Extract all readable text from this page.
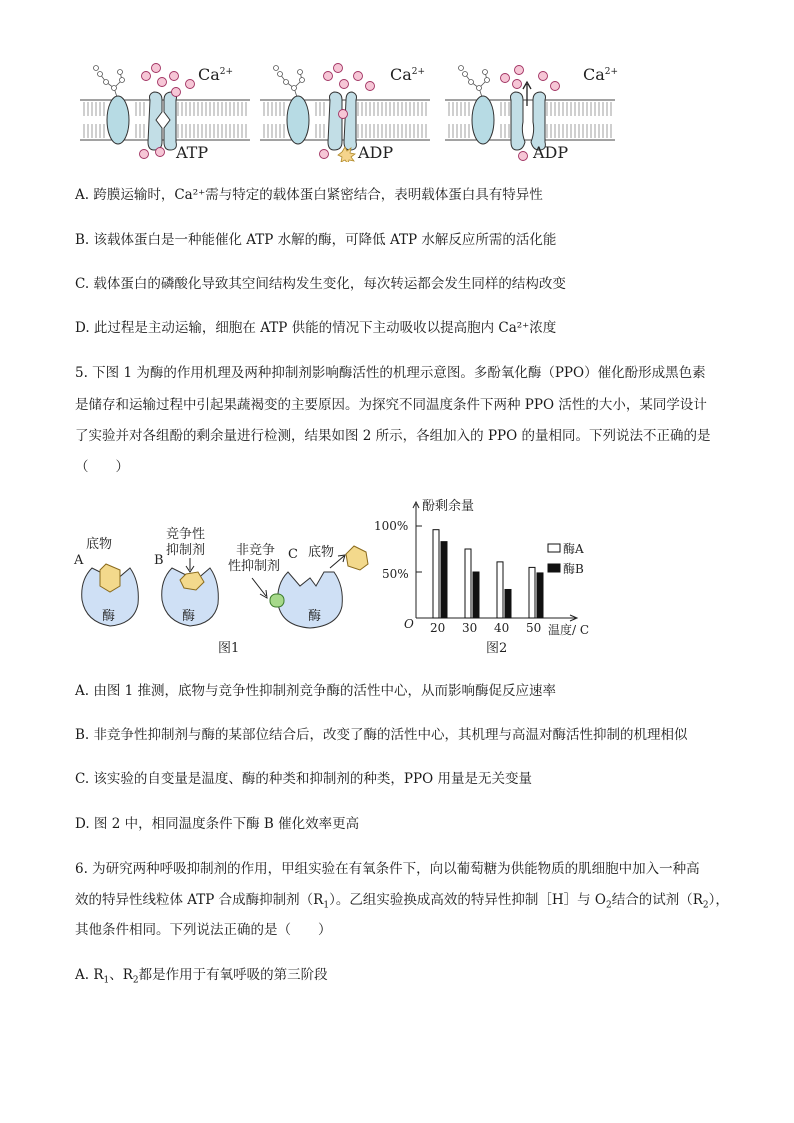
$Ca^{2+}$
ATP
$Ca^{2+}$
ADP
$Ca^{2+}$
ADP
A. 跨膜运输时，Ca²⁺需与特定的载体蛋白紧密结合，表明载体蛋白具有特异性
B. 该载体蛋白是一种能催化 ATP 水解的酶，可降低 ATP 水解反应所需的活化能
C. 载体蛋白的磷酸化导致其空间结构发生变化，每次转运都会发生同样的结构改变
D. 此过程是主动运输，细胞在 ATP 供能的情况下主动吸收以提高胞内 Ca²⁺浓度
5. 下图 1 为酶的作用机理及两种抑制剂影响酶活性的机理示意图。多酚氧化酶（PPO）催化酚形成黑色素
是储存和运输过程中引起果蔬褐变的主要原因。为探究不同温度条件下两种 PPO 活性的大小，某同学设计
了实验并对各组酚的剩余量进行检测，结果如图 2 所示，各组加入的 PPO 的量相同。下列说法不正确的是
（　　）
A
底物
酶
B
竞争性
抑制剂
酶
非竞争
性抑制剂
C 底物
酶
图1
酚剩余量
100%
50%
O	温度/ C
图2
20 30 40 50
酶A
酶B
A. 由图 1 推测，底物与竞争性抑制剂竞争酶的活性中心，从而影响酶促反应速率
B. 非竞争性抑制剂与酶的某部位结合后，改变了酶的活性中心，其机理与高温对酶活性抑制的机理相似
C. 该实验的自变量是温度、酶的种类和抑制剂的种类，PPO 用量是无关变量
D. 图 2 中，相同温度条件下酶 B 催化效率更高
6. 为研究两种呼吸抑制剂的作用，甲组实验在有氧条件下，向以葡萄糖为供能物质的肌细胞中加入一种高
效的特异性线粒体 ATP 合成酶抑制剂$(R_1)$。乙组实验换成高效的特异性抑制［H］与 $O_2$结合的试剂$(R_2)$，
其他条件相同。下列说法正确的是（　　）
A. $R_1$、$R_2$都是作用于有氧呼吸的第三阶段
